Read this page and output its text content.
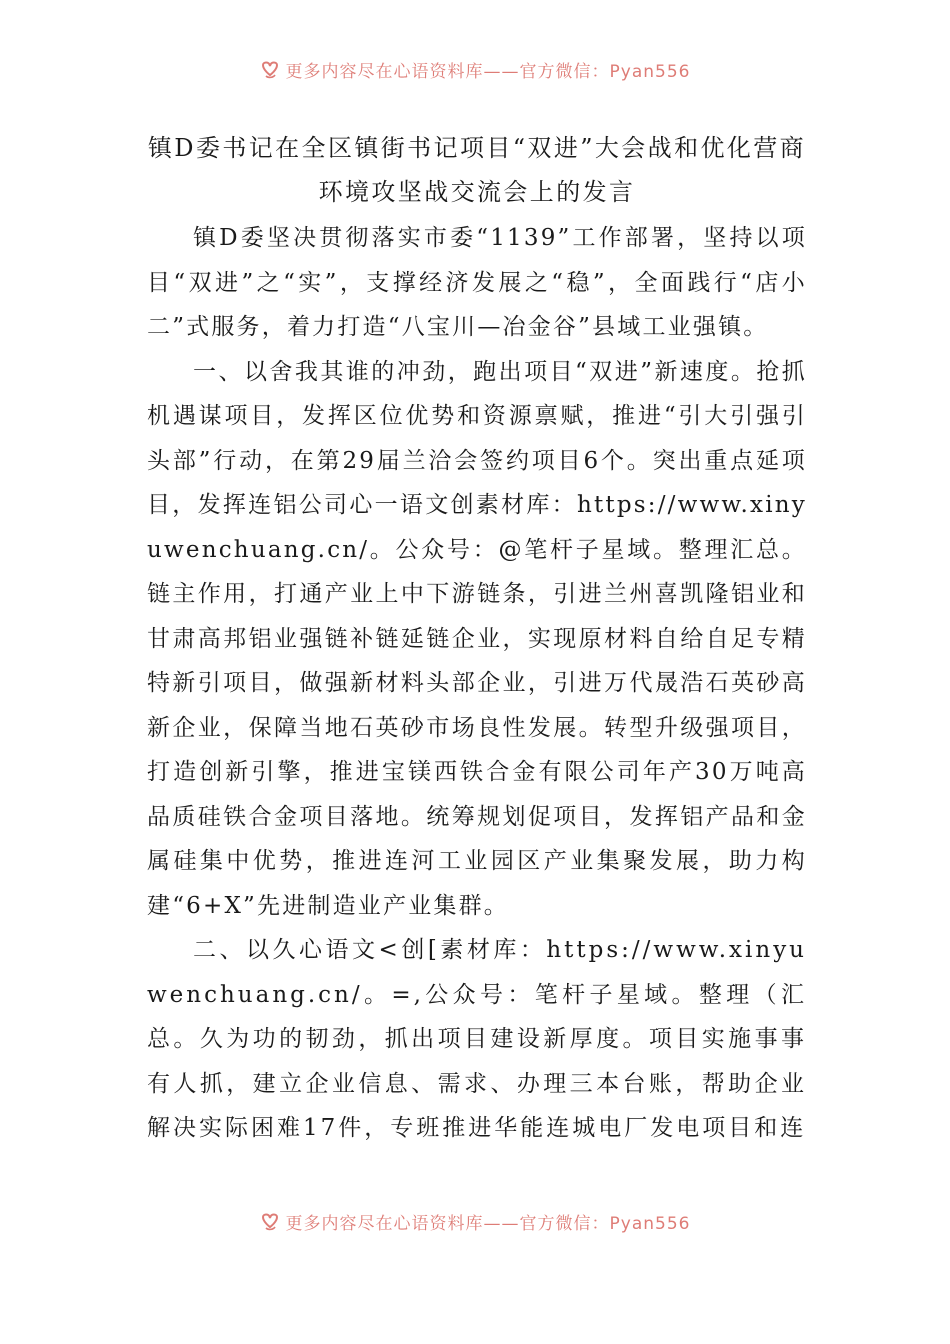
更多内容尽在心语资料库——官方微信：Pyan556
镇D委书记在全区镇街书记项目“双进”大会战和优化营商
环境攻坚战交流会上的发言

镇D委坚决贯彻落实市委“1139”工作部署，坚持以项目“双进”之“实”，支撑经济发展之“稳”，全面践行“店小二”式服务，着力打造“八宝川—冶金谷”县域工业强镇。

一、以舍我其谁的冲劲，跑出项目“双进”新速度。抢抓机遇谋项目，发挥区位优势和资源禀赋，推进“引大引强引头部”行动，在第29届兰洽会签约项目6个。突出重点延项目，发挥连铝公司心一语文创素材库：https://www.xinyuwenchuang.cn/。公众号：@笔杆子星域。整理汇总。链主作用，打通产业上中下游链条，引进兰州喜凯隆铝业和甘肃高邦铝业强链补链延链企业，实现原材料自给自足专精特新引项目，做强新材料头部企业，引进万代晟浩石英砂高新企业，保障当地石英砂市场良性发展。转型升级强项目，打造创新引擎，推进宝镁西铁合金有限公司年产30万吨高品质硅铁合金项目落地。统筹规划促项目，发挥铝产品和金属硅集中优势，推进连河工业园区产业集聚发展，助力构建“6+X”先进制造业产业集群。

二、以久心语文<创[素材库：https://www.xinyuwenchuang.cn/。=,公众号：笔杆子星域。整理（汇总。久为功的韧劲，抓出项目建设新厚度。项目实施事事有人抓，建立企业信息、需求、办理三本台账，帮助企业解决实际困难17件，专班推进华能连城电厂发电项目和连

更多内容尽在心语资料库——官方微信：Pyan556
